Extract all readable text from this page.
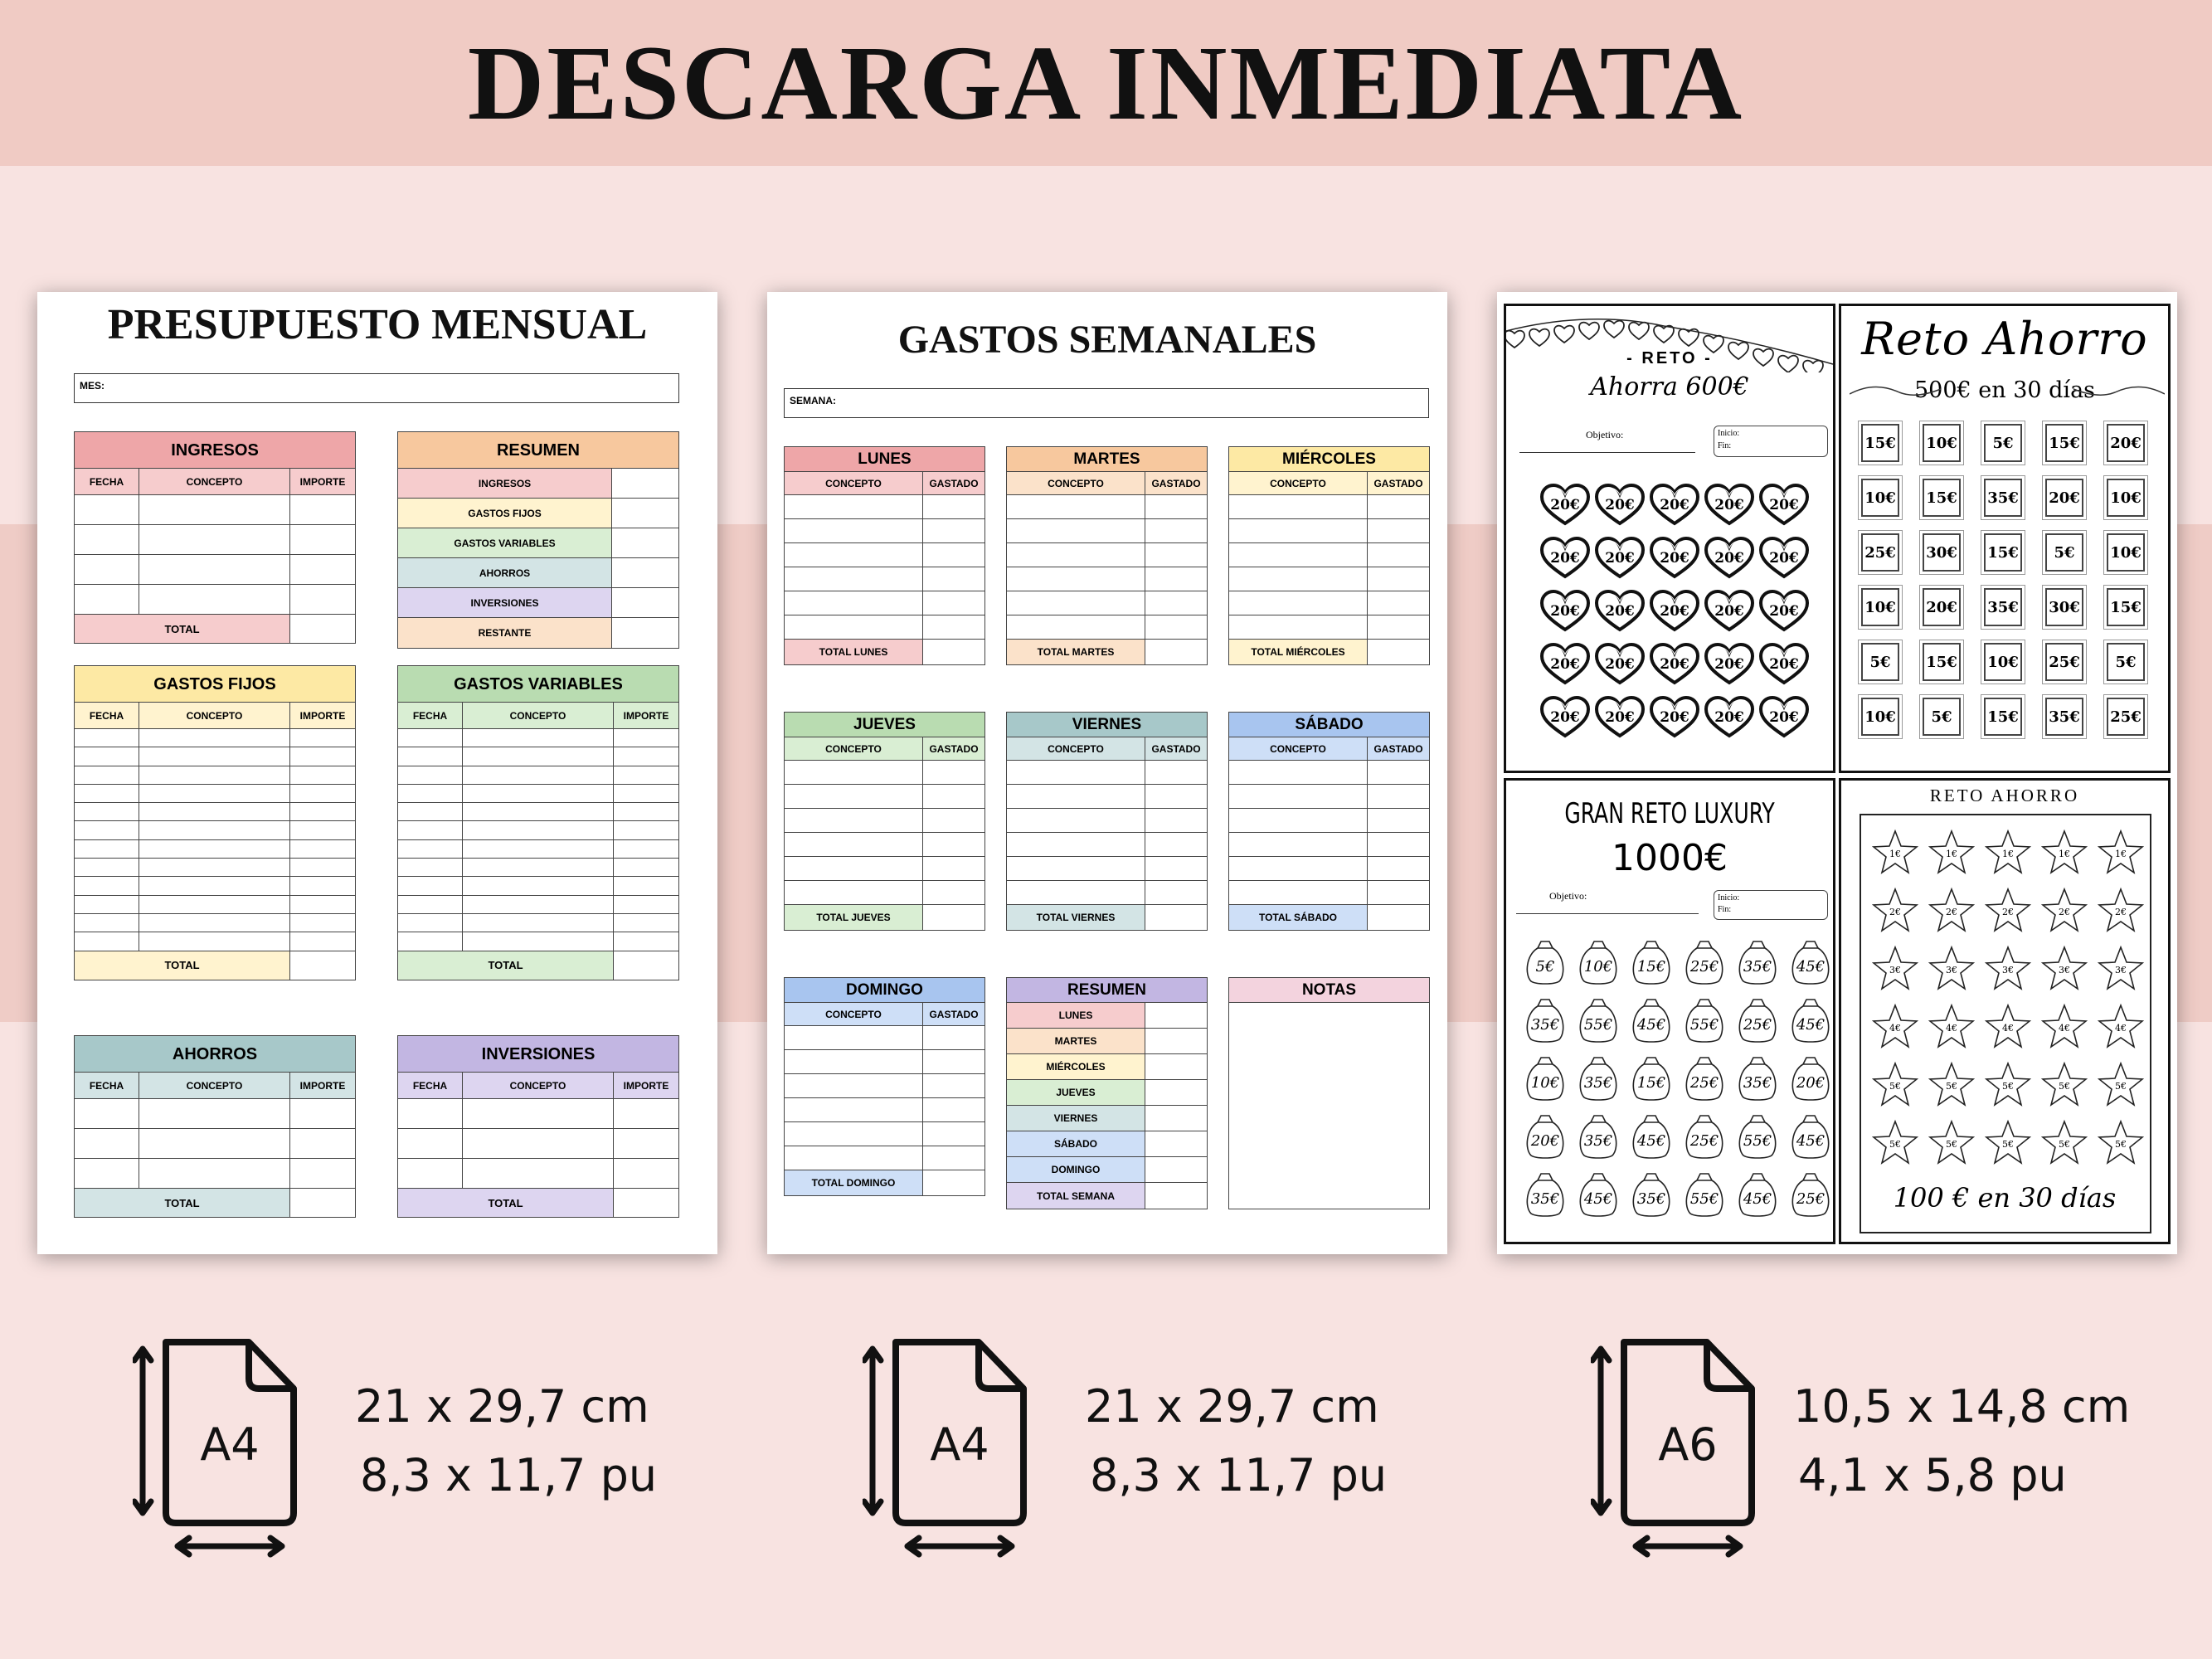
DESCARGA INMEDIATA
PRESUPUESTO MENSUAL
MES:
INGRESOS
FECHA	CONCEPTO	IMPORTE
TOTAL
GASTOS FIJOS
FECHA	CONCEPTO	IMPORTE
TOTAL
GASTOS VARIABLES
FECHA	CONCEPTO	IMPORTE
TOTAL
AHORROS
FECHA	CONCEPTO	IMPORTE
TOTAL
INVERSIONES
FECHA	CONCEPTO	IMPORTE
TOTAL
RESUMEN
INGRESOS
GASTOS FIJOS
GASTOS VARIABLES
AHORROS
INVERSIONES
RESTANTE
GASTOS SEMANALES
SEMANA:
LUNES
CONCEPTO	GASTADO
TOTAL LUNES
MARTES
CONCEPTO	GASTADO
TOTAL MARTES
MIÉRCOLES
CONCEPTO	GASTADO
TOTAL MIÉRCOLES
JUEVES
CONCEPTO	GASTADO
TOTAL JUEVES
VIERNES
CONCEPTO	GASTADO
TOTAL VIERNES
SÁBADO
CONCEPTO	GASTADO
TOTAL SÁBADO
DOMINGO
CONCEPTO	GASTADO
TOTAL DOMINGO
RESUMEN
LUNES
MARTES
MIÉRCOLES
JUEVES
VIERNES
SÁBADO
DOMINGO
TOTAL SEMANA
NOTAS
- RETO -
Ahorra 600€
Objetivo:	Inicio:
Fin:
20€	20€	20€	20€	20€
20€	20€	20€	20€	20€
20€	20€	20€	20€	20€
20€	20€	20€	20€	20€
20€	20€	20€	20€	20€
Reto Ahorro
500€ en 30 días
15€ 10€	5€	15€ 20€
10€ 15€ 35€ 20€ 10€
25€ 30€ 15€	5€	10€
10€ 20€ 35€ 30€ 15€
5€	15€ 10€ 25€	5€
10€	5€	15€ 35€ 25€
GRAN RETO LUXURY
1000€
Objetivo:	Inicio:
Fin:
5€	10€	15€	25€	35€	45€
35€	55€	45€	55€	25€	45€
10€	35€	15€	25€	35€	20€
20€	35€	45€	25€	55€	45€
35€	45€	35€	55€	45€	25€
RETO AHORRO
1€	1€	1€	1€	1€
2€	2€	2€	2€	2€
3€	3€	3€	3€	3€
4€	4€	4€	4€	4€
5€	5€	5€	5€	5€
5€	5€	5€	5€	5€
100 € en 30 días
A4
21 x 29,7 cm
8,3 x 11,7 pu
A4
21 x 29,7 cm
8,3 x 11,7 pu
A6
10,5 x 14,8 cm
4,1 x 5,8 pu
